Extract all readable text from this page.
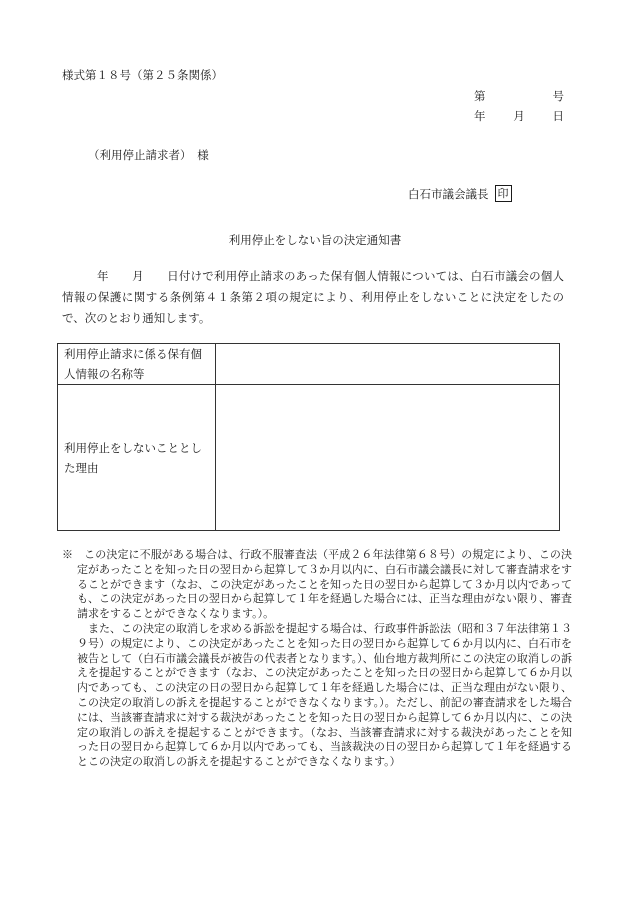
様式第１８号（第２５条関係）
第	号
年 月 日
（利用停止請求者）　様
白石市議会議長 印
利用停止をしない旨の決定通知書
　　　年　　月　　日付けで利用停止請求のあった保有個人情報については、白石市議会の個人情報の保護に関する条例第４１条第２項の規定により、利用停止をしないことに決定をしたので、次のとおり通知します。
利用停止請求に係る保有個人情報の名称等	
利用停止をしないこととした理由	

※　この決定に不服がある場合は、行政不服審査法（平成２６年法律第６８号）の規定により、この決定があったことを知った日の翌日から起算して３か月以内に、白石市議会議長に対して審査請求をすることができます（なお、この決定があったことを知った日の翌日から起算して３か月以内であっても、この決定があった日の翌日から起算して１年を経過した場合には、正当な理由がない限り、審査請求をすることができなくなります。）。

また、この決定の取消しを求める訴訟を提起する場合は、行政事件訴訟法（昭和３７年法律第１３９号）の規定により、この決定があったことを知った日の翌日から起算して６か月以内に、白石市を被告として（白石市議会議長が被告の代表者となります。）、仙台地方裁判所にこの決定の取消しの訴えを提起することができます（なお、この決定があったことを知った日の翌日から起算して６か月以内であっても、この決定の日の翌日から起算して１年を経過した場合には、正当な理由がない限り、この決定の取消しの訴えを提起することができなくなります。）。ただし、前記の審査請求をした場合には、当該審査請求に対する裁決があったことを知った日の翌日から起算して６か月以内に、この決定の取消しの訴えを提起することができます。（なお、当該審査請求に対する裁決があったことを知った日の翌日から起算して６か月以内であっても、当該裁決の日の翌日から起算して１年を経過するとこの決定の取消しの訴えを提起することができなくなります。）
